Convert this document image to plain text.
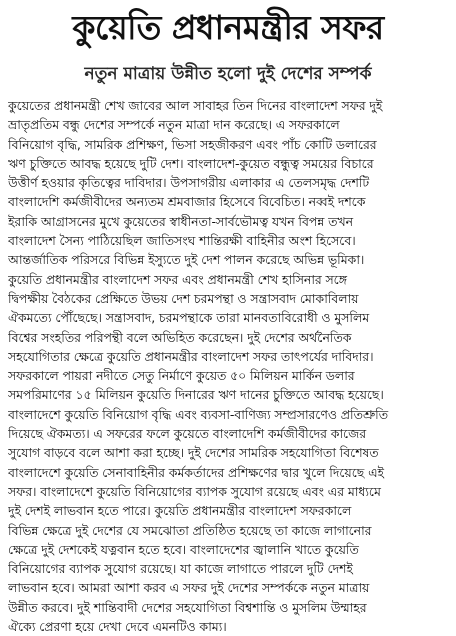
কুয়েতি প্রধানমন্ত্রীর সফর
নতুন মাত্রায় উন্নীত হলো দুই দেশের সম্পর্ক
কুয়েতের প্রধানমন্ত্রী শেখ জাবের আল সাবাহর তিন দিনের বাংলাদেশ সফর দুই
ভ্রাতৃপ্রতিম বন্ধু দেশের সম্পর্কে নতুন মাত্রা দান করেছে। এ সফরকালে
বিনিয়োগ বৃদ্ধি, সামরিক প্রশিক্ষণ, ভিসা সহজীকরণ এবং পাঁচ কোটি ডলারের
ঋণ চুক্তিতে আবদ্ধ হয়েছে দুটি দেশ। বাংলাদেশ-কুয়েত বন্ধুত্ব সময়ের বিচারে
উত্তীর্ণ হওয়ার কৃতিত্বের দাবিদার। উপসাগরীয় এলাকার এ তেলসমৃদ্ধ দেশটি
বাংলাদেশি কর্মজীবীদের অন্যতম শ্রমবাজার হিসেবে বিবেচিত। নব্বই দশকে
ইরাকি আগ্রাসনের মুখে কুয়েতের স্বাধীনতা-সার্বভৌমত্ব যখন বিপন্ন তখন
বাংলাদেশ সৈন্য পাঠিয়েছিল জাতিসংঘ শান্তিরক্ষী বাহিনীর অংশ হিসেবে।
আন্তর্জাতিক পরিসরে বিভিন্ন ইস্যুতে দুই দেশ পালন করেছে অভিন্ন ভূমিকা।
কুয়েতি প্রধানমন্ত্রীর বাংলাদেশ সফর এবং প্রধানমন্ত্রী শেখ হাসিনার সঙ্গে
দ্বিপক্ষীয় বৈঠকের প্রেক্ষিতে উভয় দেশ চরমপন্থা ও সন্ত্রাসবাদ মোকাবিলায়
ঐকমত্যে পৌঁছেছে। সন্ত্রাসবাদ, চরমপন্থাকে তারা মানবতাবিরোধী ও মুসলিম
বিশ্বের সংহতির পরিপন্থী বলে অভিহিত করেছেন। দুই দেশের অর্থনৈতিক
সহযোগিতার ক্ষেত্রে কুয়েতি প্রধানমন্ত্রীর বাংলাদেশ সফর তাৎপর্যের দাবিদার।
সফরকালে পায়রা নদীতে সেতু নির্মাণে কুয়েত ৫০ মিলিয়ন মার্কিন ডলার
সমপরিমাণের ১৫ মিলিয়ন কুয়েতি দিনারের ঋণ দানের চুক্তিতে আবদ্ধ হয়েছে।
বাংলাদেশে কুয়েতি বিনিয়োগ বৃদ্ধি এবং ব্যবসা-বাণিজ্য সম্প্রসারণেও প্রতিশ্রুতি
দিয়েছে ঐকমত্য। এ সফরের ফলে কুয়েতে বাংলাদেশি কর্মজীবীদের কাজের
সুযোগ বাড়বে বলে আশা করা হচ্ছে। দুই দেশের সামরিক সহযোগিতা বিশেষত
বাংলাদেশে কুয়েতি সেনাবাহিনীর কর্মকর্তাদের প্রশিক্ষণের দ্বার খুলে দিয়েছে এই
সফর। বাংলাদেশে কুয়েতি বিনিয়োগের ব্যাপক সুযোগ রয়েছে এবং এর মাধ্যমে
দুই দেশই লাভবান হতে পারে। কুয়েতি প্রধানমন্ত্রীর বাংলাদেশ সফরকালে
বিভিন্ন ক্ষেত্রে দুই দেশের যে সমঝোতা প্রতিষ্ঠিত হয়েছে তা কাজে লাগানোর
ক্ষেত্রে দুই দেশকেই যত্নবান হতে হবে। বাংলাদেশের জ্বালানি খাতে কুয়েতি
বিনিয়োগের ব্যাপক সুযোগ রয়েছে। যা কাজে লাগাতে পারলে দুটি দেশই
লাভবান হবে। আমরা আশা করব এ সফর দুই দেশের সম্পর্ককে নতুন মাত্রায়
উন্নীত করবে। দুই শান্তিবাদী দেশের সহযোগিতা বিশ্বশান্তি ও মুসলিম উম্মাহর
ঐক্যে প্রেরণা হয়ে দেখা দেবে এমনটিও কাম্য।
